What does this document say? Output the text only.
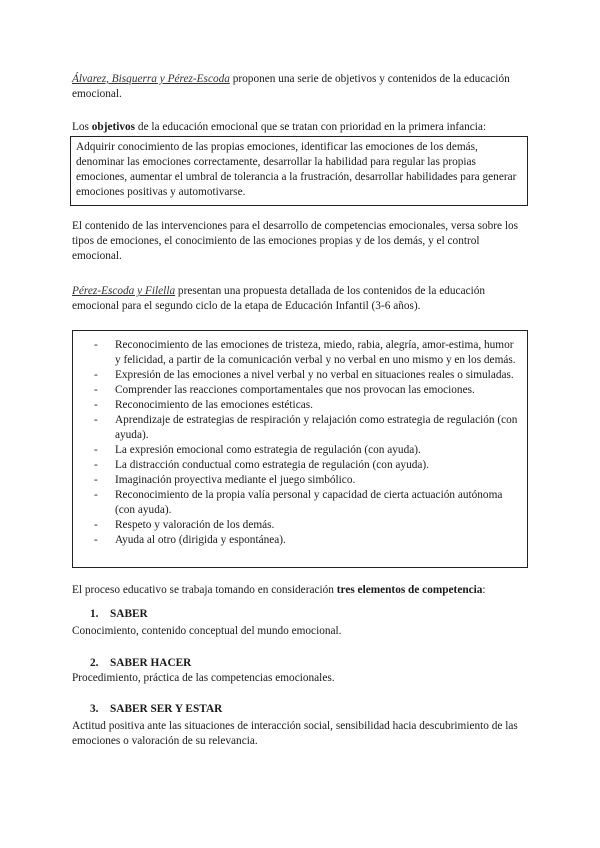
Álvarez, Bisquerra y Pérez-Escoda proponen una serie de objetivos y contenidos de la educación emocional.

Los objetivos de la educación emocional que se tratan con prioridad en la primera infancia:

Adquirir conocimiento de las propias emociones, identificar las emociones de los demás, denominar las emociones correctamente, desarrollar la habilidad para regular las propias emociones, aumentar el umbral de tolerancia a la frustración, desarrollar habilidades para generar emociones positivas y automotivarse.

El contenido de las intervenciones para el desarrollo de competencias emocionales, versa sobre los tipos de emociones, el conocimiento de las emociones propias y de los demás, y el control emocional.

Pérez-Escoda y Filella presentan una propuesta detallada de los contenidos de la educación emocional para el segundo ciclo de la etapa de Educación Infantil (3-6 años).

- Reconocimiento de las emociones de tristeza, miedo, rabia, alegría, amor-estima, humor y felicidad, a partir de la comunicación verbal y no verbal en uno mismo y en los demás.
- Expresión de las emociones a nivel verbal y no verbal en situaciones reales o simuladas.
- Comprender las reacciones comportamentales que nos provocan las emociones.
- Reconocimiento de las emociones estéticas.
- Aprendizaje de estrategias de respiración y relajación como estrategia de regulación (con ayuda).
- La expresión emocional como estrategia de regulación (con ayuda).
- La distracción conductual como estrategia de regulación (con ayuda).
- Imaginación proyectiva mediante el juego simbólico.
- Reconocimiento de la propia valía personal y capacidad de cierta actuación autónoma (con ayuda).
- Respeto y valoración de los demás.
- Ayuda al otro (dirigida y espontánea).

El proceso educativo se trabaja tomando en consideración tres elementos de competencia:

1. SABER

Conocimiento, contenido conceptual del mundo emocional.

2. SABER HACER

Procedimiento, práctica de las competencias emocionales.

3. SABER SER Y ESTAR

Actitud positiva ante las situaciones de interacción social, sensibilidad hacia descubrimiento de las emociones o valoración de su relevancia.
